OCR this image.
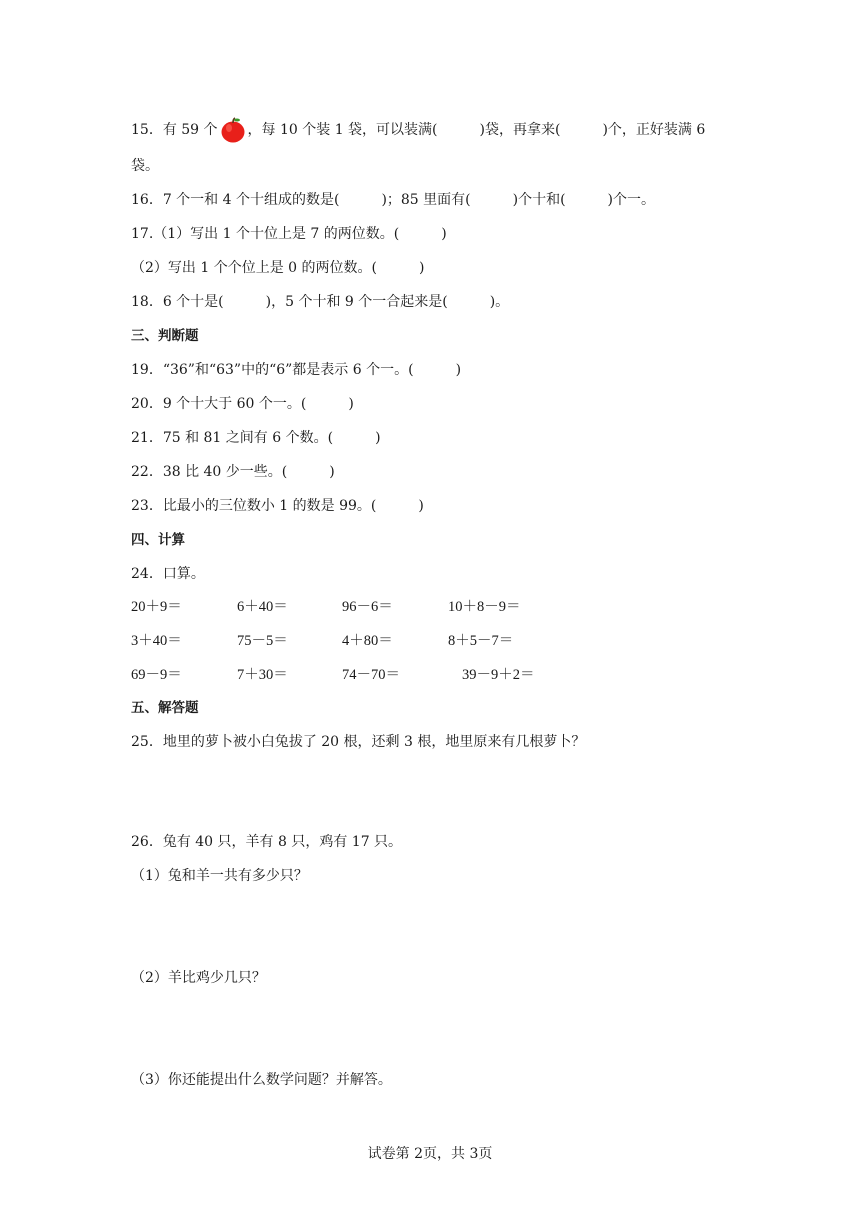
15．有 59 个 ，每 10 个装 1 袋，可以装满(　　　)袋，再拿来(　　　)个，正好装满 6
袋。
16．7 个一和 4 个十组成的数是(　　　)；85 里面有(　　　)个十和(　　　)个一。
17.（1）写出 1 个十位上是 7 的两位数。(　　　)
（2）写出 1 个个位上是 0 的两位数。(　　　)
18．6 个十是(　　　)，5 个十和 9 个一合起来是(　　　)。
三、判断题
19．“36”和“63”中的“6”都是表示 6 个一。(　　　)
20．9 个十大于 60 个一。(　　　)
21．75 和 81 之间有 6 个数。(　　　)
22．38 比 40 少一些。(　　　)
23．比最小的三位数小 1 的数是 99。(　　　)
四、计算
24．口算。
20＋9＝	6＋40＝	96－6＝	10＋8－9＝
3＋40＝	75－5＝	4＋80＝	8＋5－7＝
69－9＝	7＋30＝	74－70＝	39－9＋2＝
五、解答题
25．地里的萝卜被小白兔拔了 20 根，还剩 3 根，地里原来有几根萝卜？
26．兔有 40 只，羊有 8 只，鸡有 17 只。
（1）兔和羊一共有多少只？
（2）羊比鸡少几只？
（3）你还能提出什么数学问题？并解答。
试卷第 2页，共 3页
